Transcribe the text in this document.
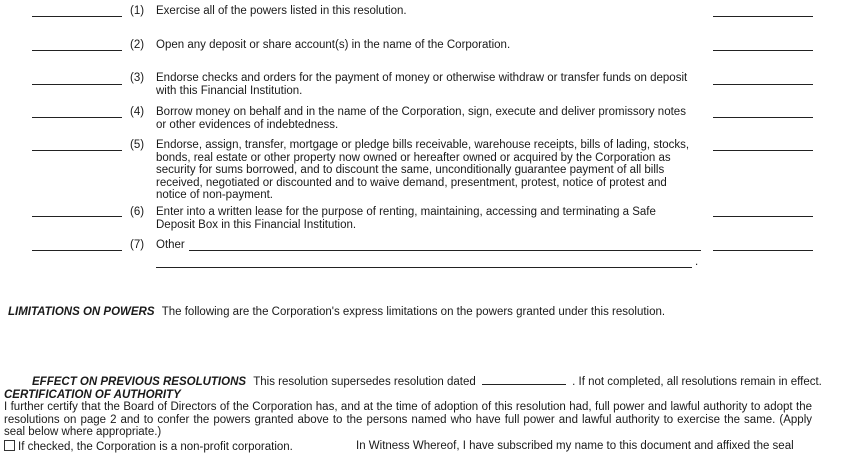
(1)	Exercise all of the powers listed in this resolution.
(2)	Open any deposit or share account(s) in the name of the Corporation.
(3)	Endorse checks and orders for the payment of money or otherwise withdraw or transfer funds on deposit
with this Financial Institution.
(4)	Borrow money on behalf and in the name of the Corporation, sign, execute and deliver promissory notes
or other evidences of indebtedness.
(5)	Endorse, assign, transfer, mortgage or pledge bills receivable, warehouse receipts, bills of lading, stocks,
bonds, real estate or other property now owned or hereafter owned or acquired by the Corporation as
security for sums borrowed, and to discount the same, unconditionally guarantee payment of all bills
received, negotiated or discounted and to waive demand, presentment, protest, notice of protest and
notice of non-payment.
(6)	Enter into a written lease for the purpose of renting, maintaining, accessing and terminating a Safe
Deposit Box in this Financial Institution.
(7)	Other
.
LIMITATIONS ON POWERS The following are the Corporation's express limitations on the powers granted under this resolution.
EFFECT ON PREVIOUS RESOLUTIONS This resolution supersedes resolution dated	. If not completed, all resolutions remain in effect.
CERTIFICATION OF AUTHORITY
I further certify that the Board of Directors of the Corporation has, and at the time of adoption of this resolution had, full power and lawful authority to adopt the resolutions on page 2 and to confer the powers granted above to the persons named who have full power and lawful authority to exercise the same. (Apply seal below where appropriate.)
If checked, the Corporation is a non-profit corporation.	In Witness Whereof, I have subscribed my name to this document and affixed the seal
